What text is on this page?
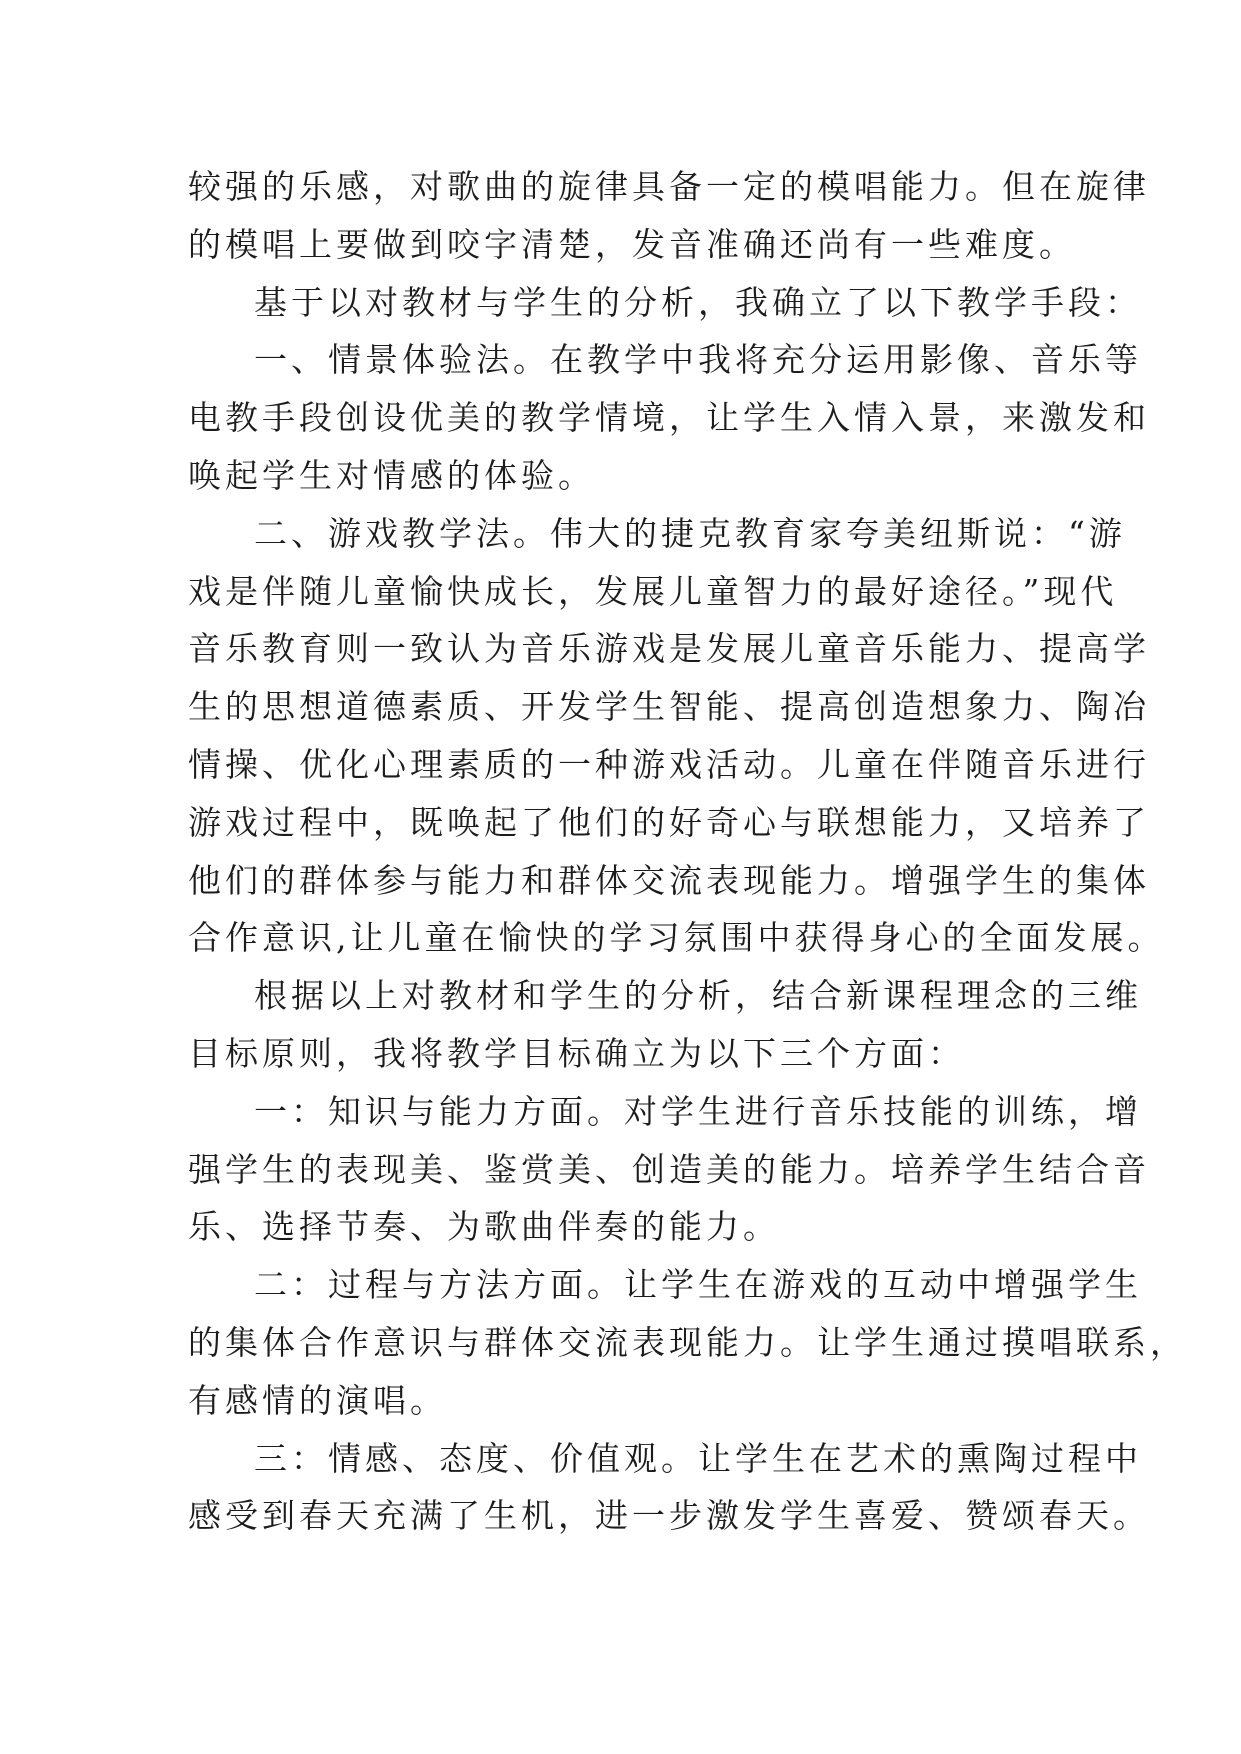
较强的乐感，对歌曲的旋律具备一定的模唱能力。但在旋律
的模唱上要做到咬字清楚，发音准确还尚有一些难度。
基于以对教材与学生的分析，我确立了以下教学手段：
一、情景体验法。在教学中我将充分运用影像、音乐等
电教手段创设优美的教学情境，让学生入情入景，来激发和
唤起学生对情感的体验。
二、游戏教学法。伟大的捷克教育家夸美纽斯说：“游
戏是伴随儿童愉快成长，发展儿童智力的最好途径。”现代
音乐教育则一致认为音乐游戏是发展儿童音乐能力、提高学
生的思想道德素质、开发学生智能、提高创造想象力、陶冶
情操、优化心理素质的一种游戏活动。儿童在伴随音乐进行
游戏过程中，既唤起了他们的好奇心与联想能力，又培养了
他们的群体参与能力和群体交流表现能力。增强学生的集体
合作意识,让儿童在愉快的学习氛围中获得身心的全面发展。
根据以上对教材和学生的分析，结合新课程理念的三维
目标原则，我将教学目标确立为以下三个方面：
一：知识与能力方面。对学生进行音乐技能的训练，增
强学生的表现美、鉴赏美、创造美的能力。培养学生结合音
乐、选择节奏、为歌曲伴奏的能力。
二：过程与方法方面。让学生在游戏的互动中增强学生
的集体合作意识与群体交流表现能力。让学生通过摸唱联系，
有感情的演唱。
三：情感、态度、价值观。让学生在艺术的熏陶过程中
感受到春天充满了生机，进一步激发学生喜爱、赞颂春天。
